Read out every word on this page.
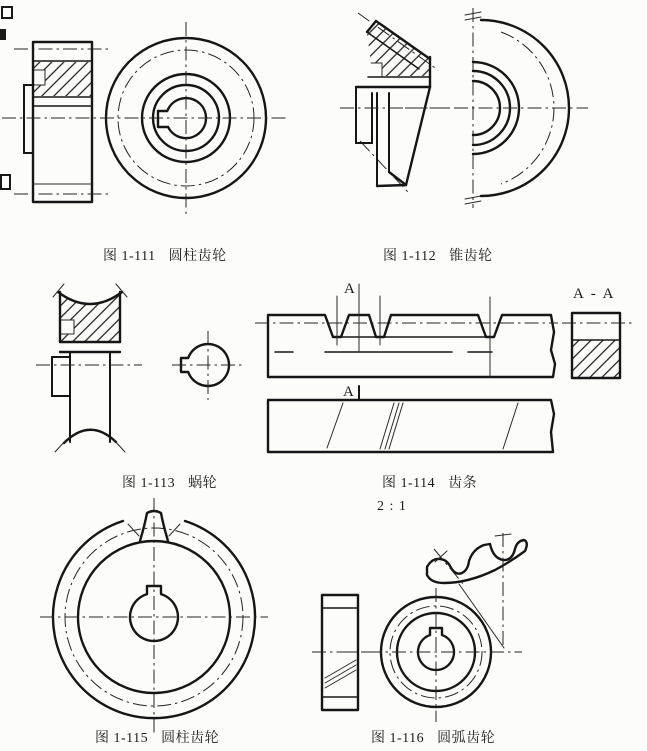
图 1-111 圆柱齿轮	图 1-112 锥齿轮
图 1-113 蜗轮	图 1-114 齿条
图 1-115 圆柱齿轮	图 1-116 圆弧齿轮
A
A
A - A
2 : 1
